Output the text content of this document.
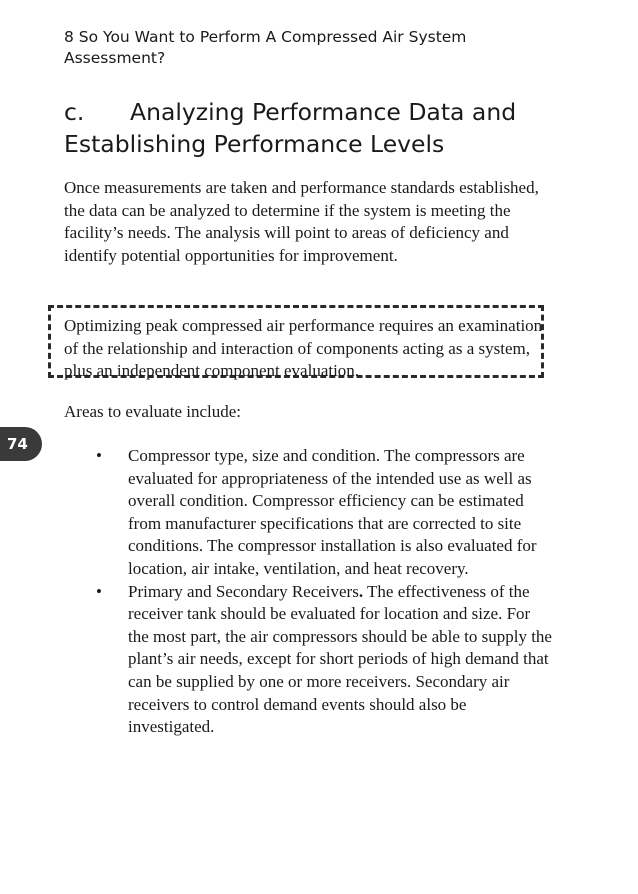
8 So You Want to Perform A Compressed Air System
Assessment?
c. Analyzing Performance Data and
Establishing Performance Levels

Once measurements are taken and performance standards established, the data can be analyzed to determine if the system is meeting the facility’s needs. The analysis will point to areas of deficiency and identify potential opportunities for improvement.

Optimizing peak compressed air performance requires an examination of the relationship and interaction of components acting as a system, plus an independent component evaluation.

Areas to evaluate include:

74
• Compressor type, size and condition. The compressors are evaluated for appropriateness of the intended use as well as overall condition. Compressor efficiency can be estimated from manufacturer specifications that are corrected to site conditions. The compressor installation is also evaluated for location, air intake, ventilation, and heat recovery.

• Primary and Secondary Receivers. The effectiveness of the receiver tank should be evaluated for location and size. For the most part, the air compressors should be able to supply the plant’s air needs, except for short periods of high demand that can be supplied by one or more receivers. Secondary air receivers to control demand events should also be investigated.
